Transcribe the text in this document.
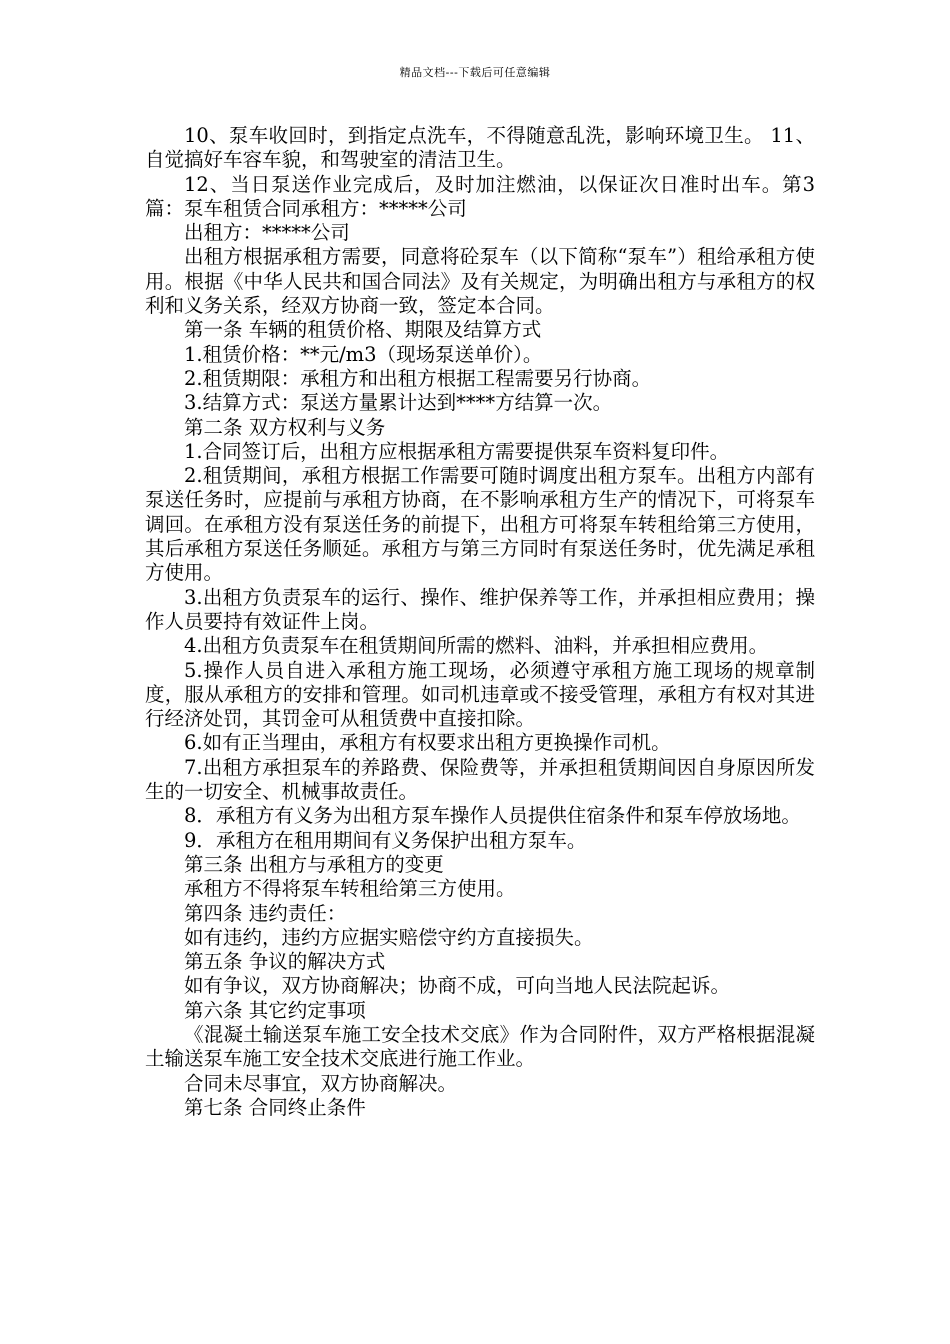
精品文档---下载后可任意编辑

10、泵车收回时，到指定点洗车，不得随意乱洗，影响环境卫生。 11、自觉搞好车容车貌，和驾驶室的清洁卫生。

12、当日泵送作业完成后，及时加注燃油，以保证次日准时出车。第3篇：泵车租赁合同承租方：*****公司

出租方：*****公司

出租方根据承租方需要，同意将砼泵车（以下简称“泵车”）租给承租方使用。根据《中华人民共和国合同法》及有关规定，为明确出租方与承租方的权利和义务关系，经双方协商一致，签定本合同。

第一条 车辆的租赁价格、期限及结算方式

1.租赁价格：**元/m3（现场泵送单价）。

2.租赁期限：承租方和出租方根据工程需要另行协商。

3.结算方式：泵送方量累计达到****方结算一次。

第二条 双方权利与义务

1.合同签订后，出租方应根据承租方需要提供泵车资料复印件。

2.租赁期间，承租方根据工作需要可随时调度出租方泵车。出租方内部有泵送任务时，应提前与承租方协商，在不影响承租方生产的情况下，可将泵车调回。在承租方没有泵送任务的前提下，出租方可将泵车转租给第三方使用，其后承租方泵送任务顺延。承租方与第三方同时有泵送任务时，优先满足承租方使用。

3.出租方负责泵车的运行、操作、维护保养等工作，并承担相应费用；操作人员要持有效证件上岗。

4.出租方负责泵车在租赁期间所需的燃料、油料，并承担相应费用。

5.操作人员自进入承租方施工现场，必须遵守承租方施工现场的规章制度，服从承租方的安排和管理。如司机违章或不接受管理，承租方有权对其进行经济处罚，其罚金可从租赁费中直接扣除。

6.如有正当理由，承租方有权要求出租方更换操作司机。

7.出租方承担泵车的养路费、保险费等，并承担租赁期间因自身原因所发生的一切安全、机械事故责任。

8．承租方有义务为出租方泵车操作人员提供住宿条件和泵车停放场地。

9．承租方在租用期间有义务保护出租方泵车。

第三条 出租方与承租方的变更

承租方不得将泵车转租给第三方使用。

第四条 违约责任：

如有违约，违约方应据实赔偿守约方直接损失。

第五条 争议的解决方式

如有争议，双方协商解决；协商不成，可向当地人民法院起诉。

第六条 其它约定事项

《混凝土输送泵车施工安全技术交底》作为合同附件，双方严格根据混凝土输送泵车施工安全技术交底进行施工作业。

合同未尽事宜，双方协商解决。

第七条 合同终止条件
